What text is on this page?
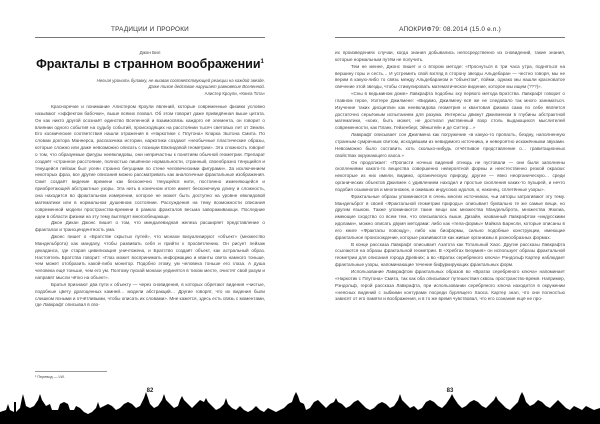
ТРАДИЦИИ И ПРОРОКИ
Джон Бил
Фракталы в странном воображении$^1$
Нельзя уронить булавку, не вызвав соответствующей реакции на каждой звезде.
Даже тихое действие нарушает равновесие Вселенной.
Алистер Кроули, «Книга Тота»

Красноречие и понимание Алистером Кроули явлений, которые современные физики условно называют «эффектом бабочки», выше всяких похвал. Об этом говорит даже приведённая выше цитата. Он как никто другой осознаёт единство Вселенной и взаимосвязь каждого её элемента, он говорит о влиянии одного события на судьбу событий, происходящих на расстоянии тысяч световых лет от Земли. Его космические соответствия нашли отражения в «Наркотике с Плутона» Кларка Эштона Смита. По словам доктора Маннерса, рассказчика истории, наркотики создают «необычные пластические образы, которые сложно или даже невозможно описать с позиции Евклидовой геометрии». Эта сложность говорит о том, что образуемые фигуры неевклидовы, они непричастны к понятиям обычной геометрии. Препарат создаёт «странное расстояние, полностью лишённое нормальности, странный, своеобразно тянущийся и тянущейся пейзаж был усеян странно бегущими по стене человеческими фигурами». За исключением некоторых фраз, все другие описания можно рассматривать как аналогичные фрактальные изображения. Смит создаёт видение времени как бесконечно тянущейся нити, постоянно изменяющейся и приобретающей абстрактные узоры. Эта нить в конечном итоге имеет бесконечную длину и сложность, она находится во фрактальном измерении, которое не может быть доступно на уровне евклидовой математики или в нормальном душевном состоянии. Рассуждения на тему возможности описания современной модели пространства-времени в рамках фракталов весьма завораживающи. Последние идеи в области физики на эту тему выглядят многообещающе.

Джон Дикан Джонс пишет о том, что миндалевидная железа расширяет представление о фракталах и трансцендентность ума.

Джонс пишет о «Братстве скрытых путей», что монахи визуализируют «объект» (множество Мандельброта) как мандалу, чтобы развивать себя и прийти к просветлению. Он рисует пейзаж декаданса, где старая цивилизация уничтожена, и Братство создаёт объект, как астральный образ. Настоятель Братства говорит: «Глаз может воспринимать информацию и кванты света намного тоньше, чем может отобразить какой-либо монитор. Подобно этому, ум человека тоньше его глаза. А душа человека ещё тоньше, чем его ум. Поэтому пускай монахи уединятся в тихом месте, очистят свой разум и направят мысли чётко на объект».

Братья признают два пути к объекту — через сновидения, в которых обретают видения «чистые, подобные цвету драгоценных камней… модели абстракций… Другие говорят, что их видения были слишком ясными и отчётливыми, чтобы описать их словами». Мне кажется, здесь есть связь с моментами, где Лавкрафт описывал в сво-

¹ Перевод — LW.
82
АПОКРИФ79: 08.2014 (15.0 e.n.)

их произведениях случаи, когда знания добывались непосредственно из сновидений, такие знания, которые нормальным путём не получить.

Тем не менее, Джонс пишет и о втором методе: «Проснуться в три часа утра, подняться на вершину горы и сесть… И устремить свой взгляд в сторону звезды Альдебаран — честно говоря, мы не верим в какую-либо то связь между Альдебараном и “объектом”, пойми, однако мы нашли красноватое свечение этой звезды, чтобы стимулировать математическое видение, которое мы ищем (???)».

«Сны в ведьмином доме» Лавкрафта подобны эху первого метода Братства. Лавкрафт говорит о главном герое, Уолтере Джилмене: «Видимо, Джилмену всё же не следовало так много заниматься. Изучение таких дисциплин как неевклидова геометрия и квантовая физика сама по себе является достаточно серьёзным испытанием для разума. Интересы движут Джилменом в глубины абстрактной математики, «коих, быть может, не достигал умственный взор столь выдающихся мыслителей современности, как Планк, Гейзенберг, Эйнштейн и де Ситтер…»

Лавкрафт описывает сон Джилмена как погружение «в какую-то пропасть, бездну, наполненную странным сумрачным светом, исходившим из невидимого источника, и невероятно искажёнными звуками. Невозможно было составить хоть сколько-нибудь отчётливое представление о… гравитационных свойствах окружающего хаоса.»

Он продолжает: «Пропасти ночных видений отнюдь не пустовали — они были заполнены скоплениями какого-то вещества совершенно невероятной формы и неестественно резкой окраски: некоторые из них имели, видимо, органическую природу, другие — явно неорганическую… среди органических объектов Джилмен с удивлением находил и простые скопления каких-то пузырей, и нечто подобия осьминогов и многоножек, и оживших индусских идолов, и, наконец, сплетённые узоры».

Фрактальные образы упоминаются в очень многих источниках, чьи авторы затрагивают эту тему. Мандельброт в своей «Фрактальной геометрии природы» описывает буквально те же самые вещи, но другим языком. Также упоминаются такие вещи как множества Мандельброта, множества Жюлиа, имеющие сходство со всем тем, что описывалось выше. Дизайн, названный Лавкрафтом «индусскими идолами», можно описать двумя методами: либо как «тела-формы» Майкла Барнсли, которые описаны в его книге «Фракталы повсюду», либо как биоформы, сильно подобные конструкции, имеющие фрактальное происхождение, которые развиваются как живые организмы в разнообразных формах.

В конце рассказа Лавкрафт описывает Азатота как Тотальный Хаос. Другие рассказы Лавкрафта ссылаются на образы фрактальной геометрии. В «Хребтах Безумия» он использует образы фрактальной геометрии для описания города Древних; а во «Вратах серебряного ключа» Рэндольф Картер наблюдает фрактальные узоры, напоминающие течение бифуркирующих фрактальных форм.

Использование Лавкрафтом фрактальных образов во «Вратах серебряного ключа» напоминает «Наркотик с Плутона» Смита, так как оба описывают путешествия сквозь пространство-время. Например, Рэндольф, герой рассказа Лавкрафта, при использовании серебряного ключа находится в окружении «неясных видений с зыбкими контурами посреди бурлящего Хаоса. Картер знал, что они полностью зависят от его памяти и воображения, и в то же время чувствовал, что его сознание ещё не про-

83
